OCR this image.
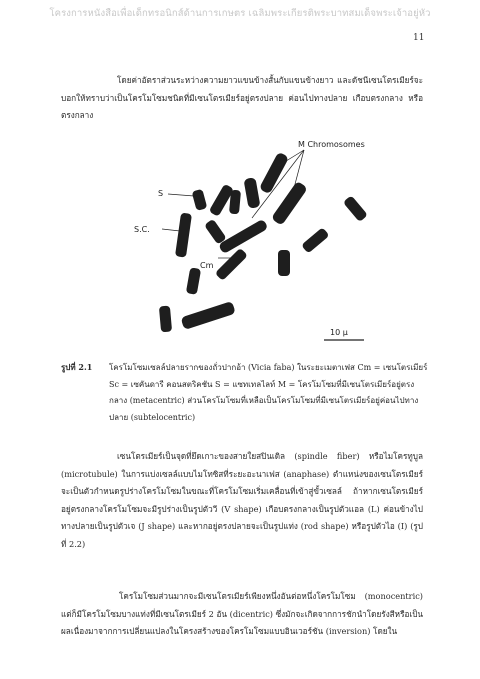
โครงการหนังสือเพื่อเด็กทรอนิกส์ด้านการเกษตร เฉลิมพระเกียรติพระบาทสมเด็จพระเจ้าอยู่หัว
11

โดยค่าอัตราส่วนระหว่างความยาวแขนข้างสั้นกับแขนข้างยาว และดัชนีเซนโตรเมียร์จะบอกให้ทราบว่าเป็นโครโมโซมชนิดที่มีเซนโตรเมียร์อยู่ตรงปลาย ค่อนไปทางปลาย เกือบตรงกลาง หรือตรงกลาง

M Chromosomes
S
S.C.
Cm
10 μ
รูปที่ 2.1 โครโมโซมเซลล์ปลายรากของถั่วปากอ้า (Vicia faba) ในระยะเมตาเฟส Cm = เซนโตรเมียร์
Sc = เซคันดารี คอนสตริคชัน S = แซทเทลไลท์ M = โครโมโซมที่มีเซนโตรเมียร์อยู่ตรง
กลาง (metacentric) ส่วนโครโมโซมที่เหลือเป็นโครโมโซมที่มีเซนโตรเมียร์อยู่ค่อนไปทาง
ปลาย (subtelocentric)

เซนโตรเมียร์เป็นจุดที่ยึดเกาะของสายใยสปินเดิล (spindle fiber) หรือไมโครทูบูล (microtubule) ในการแบ่งเซลล์แบบไมโทซิสที่ระยะอะนาเฟส (anaphase) ตำแหน่งของเซนโตรเมียร์จะเป็นตัวกำหนดรูปร่างโครโมโซมในขณะที่โครโมโซมเริ่มเคลื่อนที่เข้าสู่ขั้วเซลล์ ถ้าหากเซนโตรเมียร์อยู่ตรงกลางโครโมโซมจะมีรูปร่างเป็นรูปตัววี (V shape) เกือบตรงกลางเป็นรูปตัวแอล (L) ค่อนข้างไปทางปลายเป็นรูปตัวเจ (J shape) และหากอยู่ตรงปลายจะเป็นรูปแท่ง (rod shape) หรือรูปตัวไอ (I) (รูปที่ 2.2)

โครโมโซมส่วนมากจะมีเซนโตรเมียร์เพียงหนึ่งอันต่อหนึ่งโครโมโซม (monocentric) แต่ก็มีโครโมโซมบางแท่งที่มีเซนโตรเมียร์ 2 อัน (dicentric) ซึ่งมักจะเกิดจากการชักนำโดยรังสีหรือเป็นผลเนื่องมาจากการเปลี่ยนแปลงในโครงสร้างของโครโมโซมแบบอินเวอร์ชัน (inversion) โดยใน
